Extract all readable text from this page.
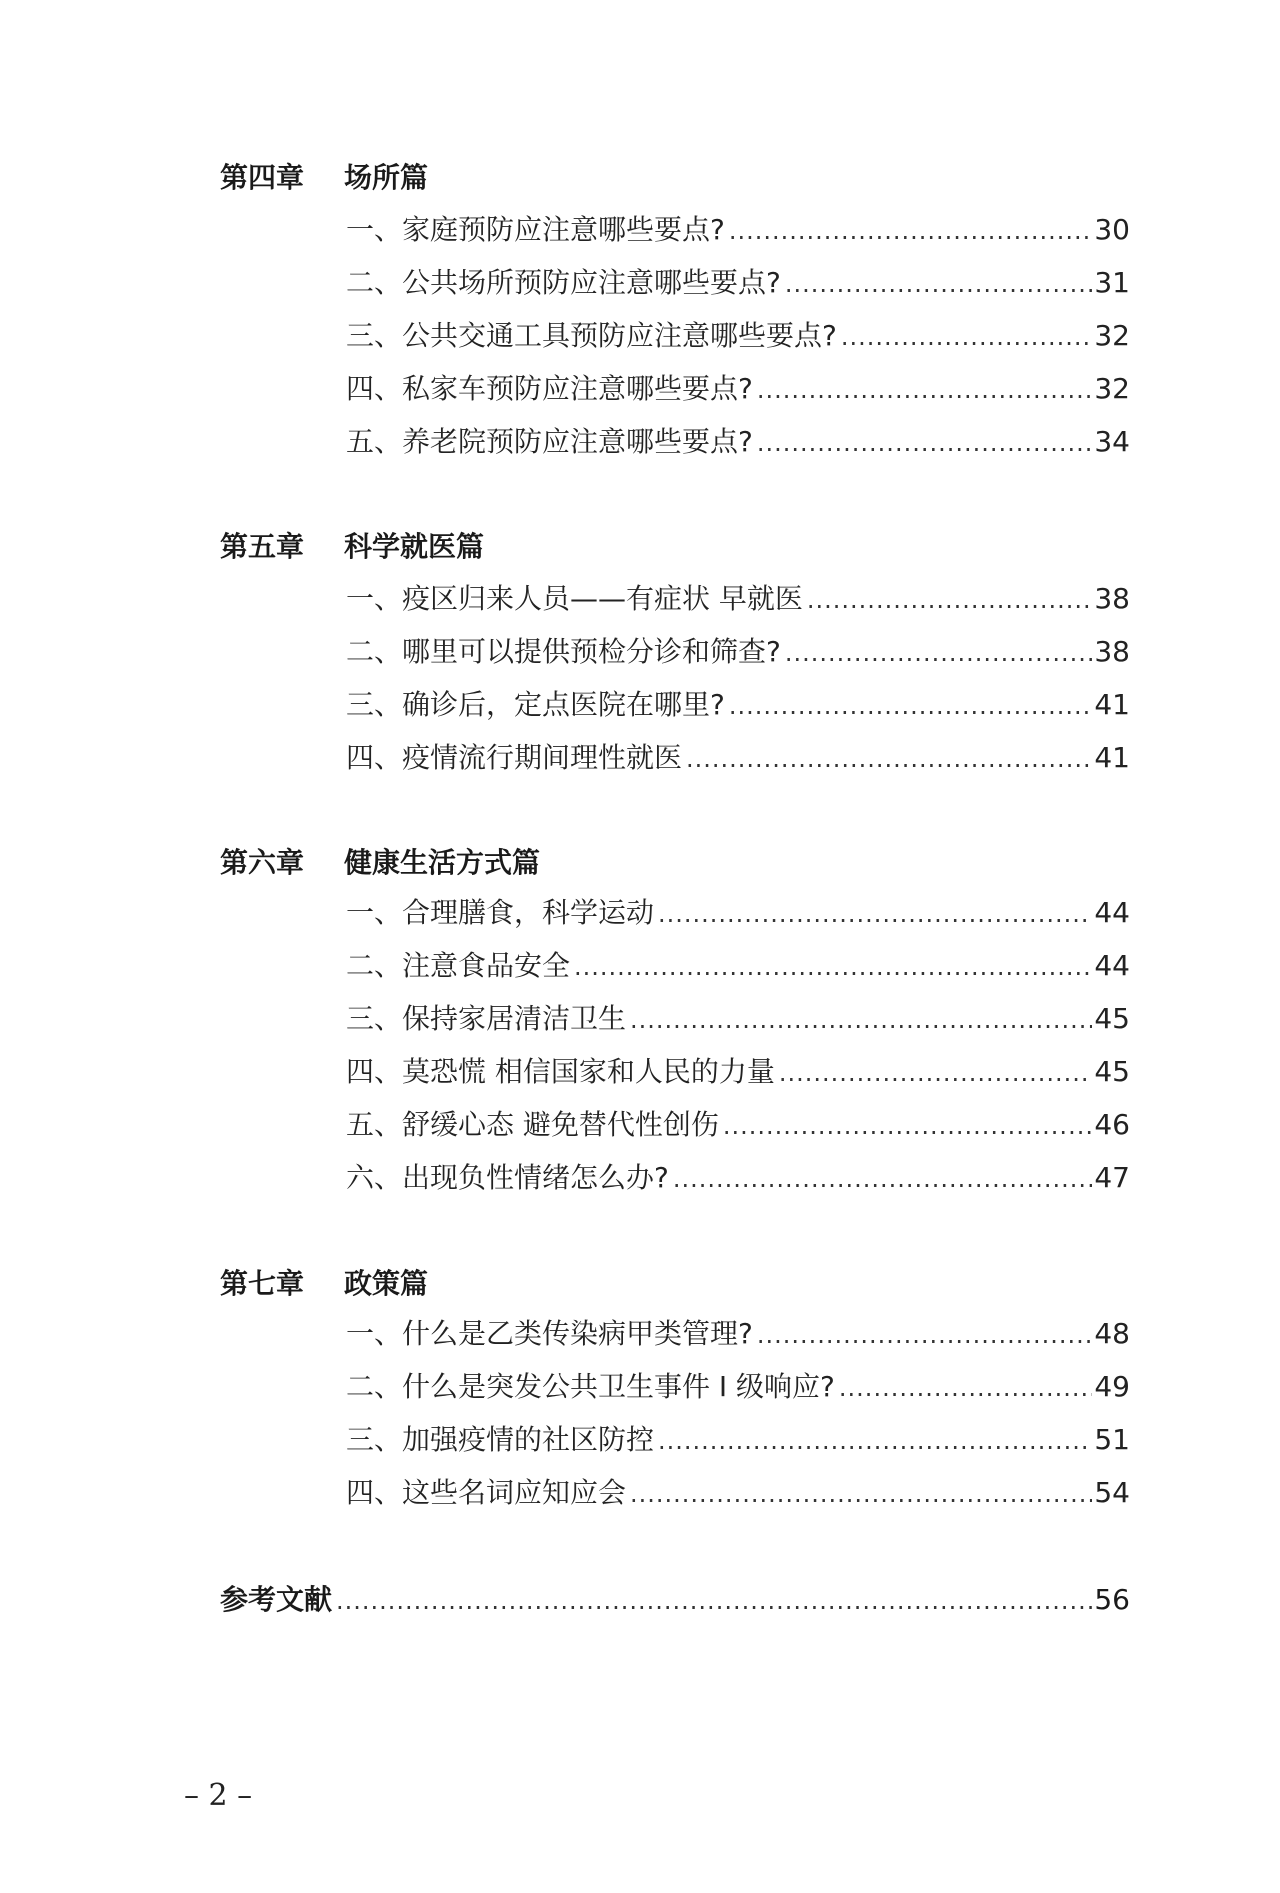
第四章 场所篇
一、家庭预防应注意哪些要点? .....	30
二、公共场所预防应注意哪些要点? .....	31
三、公共交通工具预防应注意哪些要点? .....	32
四、私家车预防应注意哪些要点? .....	32
五、养老院预防应注意哪些要点? .....	34
第五章 科学就医篇
一、疫区归来人员——有症状 早就医 .....	38
二、哪里可以提供预检分诊和筛查? .....	38
三、确诊后，定点医院在哪里? .....	41
四、疫情流行期间理性就医 .....	41
第六章 健康生活方式篇
一、合理膳食，科学运动 .....	44
二、注意食品安全 .....	44
三、保持家居清洁卫生 .....	45
四、莫恐慌 相信国家和人民的力量 .....	45
五、舒缓心态 避免替代性创伤 .....	46
六、出现负性情绪怎么办? .....	47
第七章 政策篇
一、什么是乙类传染病甲类管理? .....	48
二、什么是突发公共卫生事件 I 级响应? .....	49
三、加强疫情的社区防控 .....	51
四、这些名词应知应会 .....	54
参考文献 .....	56
– 2 –
